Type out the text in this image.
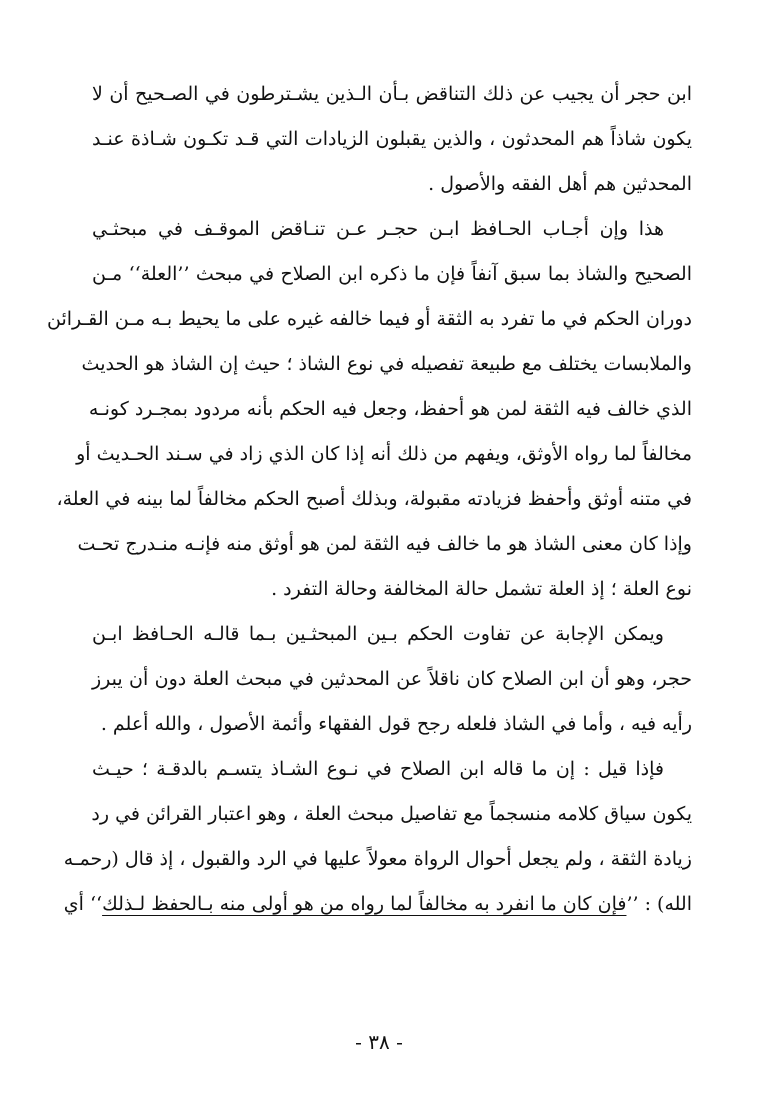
ابن حجر أن يجيب عن ذلك التناقض بـأن الـذين يشـترطون في الصـحيح أن لا
يكون شاذاً هم المحدثون ، والذين يقبلون الزيادات التي قـد تكـون شـاذة عنـد
المحدثين هم أهل الفقه والأصول .
هذا وإن أجـاب الحـافظ ابـن حجـر عـن تنـاقض الموقـف في مبحثـي
الصحيح والشاذ بما سبق آنفاً فإن ما ذكره ابن الصلاح في مبحث ’’العلة‘‘ مـن
دوران الحكم في ما تفرد به الثقة أو فيما خالفه غيره على ما يحيط بـه مـن القـرائن
والملابسات يختلف مع طبيعة تفصيله في نوع الشاذ ؛ حيث إن الشاذ هو الحديث
الذي خالف فيه الثقة لمن هو أحفظ، وجعل فيه الحكم بأنه مردود بمجـرد كونـه
مخالفاً لما رواه الأوثق، ويفهم من ذلك أنه إذا كان الذي زاد في سـند الحـديث أو
في متنه أوثق وأحفظ فزيادته مقبولة، وبذلك أصبح الحكم مخالفاً لما بينه في العلة،
وإذا كان معنى الشاذ هو ما خالف فيه الثقة لمن هو أوثق منه فإنـه منـدرج تحـت
نوع العلة ؛ إذ العلة تشمل حالة المخالفة وحالة التفرد .
ويمكن الإجابة عن تفاوت الحكم بـين المبحثـين بـما قالـه الحـافظ ابـن
حجر، وهو أن ابن الصلاح كان ناقلاً عن المحدثين في مبحث العلة دون أن يبرز
رأيه فيه ، وأما في الشاذ فلعله رجح قول الفقهاء وأئمة الأصول ، والله أعلم .
فإذا قيل : إن ما قاله ابن الصلاح في نـوع الشـاذ يتسـم بالدقـة ؛ حيـث
يكون سياق كلامه منسجماً مع تفاصيل مبحث العلة ، وهو اعتبار القرائن في رد
زيادة الثقة ، ولم يجعل أحوال الرواة معولاً عليها في الرد والقبول ، إذ قال (رحمـه
الله) : ’’فإن كان ما انفرد به مخالفاً لما رواه من هو أولى منه بـالحفظ لـذلك‘‘ أي
- ٣٨ -
